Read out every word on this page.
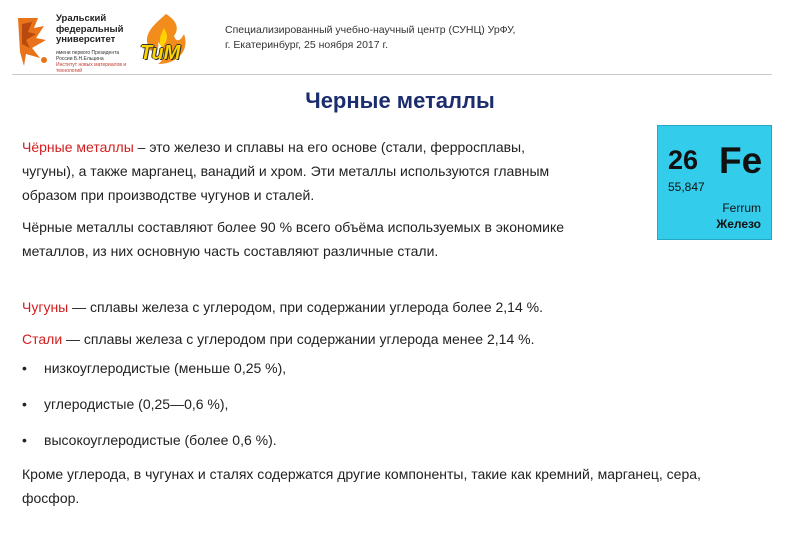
Уральский
федеральный
университет
имени первого Президента России Б.Н.Ельцина
Институт новых материалов и технологий
ТиМ
Специализированный учебно-научный центр (СУНЦ) УрФУ,
г. Екатеринбург, 25 ноября 2017 г.
Черные металлы

Чёрные металлы – это железо и сплавы на его основе (стали, ферросплавы,

чугуны), а также марганец, ванадий и хром. Эти металлы используются главным

образом при производстве чугунов и сталей.

Чёрные металлы составляют более 90 % всего объёма используемых в экономике

металлов, из них основную часть составляют различные стали.

Чугуны — сплавы железа с углеродом, при содержании углерода более 2,14 %.

Стали — сплавы железа с углеродом при содержании углерода менее 2,14 %.

• низкоуглеродистые (меньше 0,25 %),
• углеродистые (0,25—0,6 %),
• высокоуглеродистые (более 0,6 %).
Кроме углерода, в чугунах и сталях содержатся другие компоненты, такие как кремний, марганец, сера,
фосфор.
26 Fe
55,847
Ferrum
Железо
